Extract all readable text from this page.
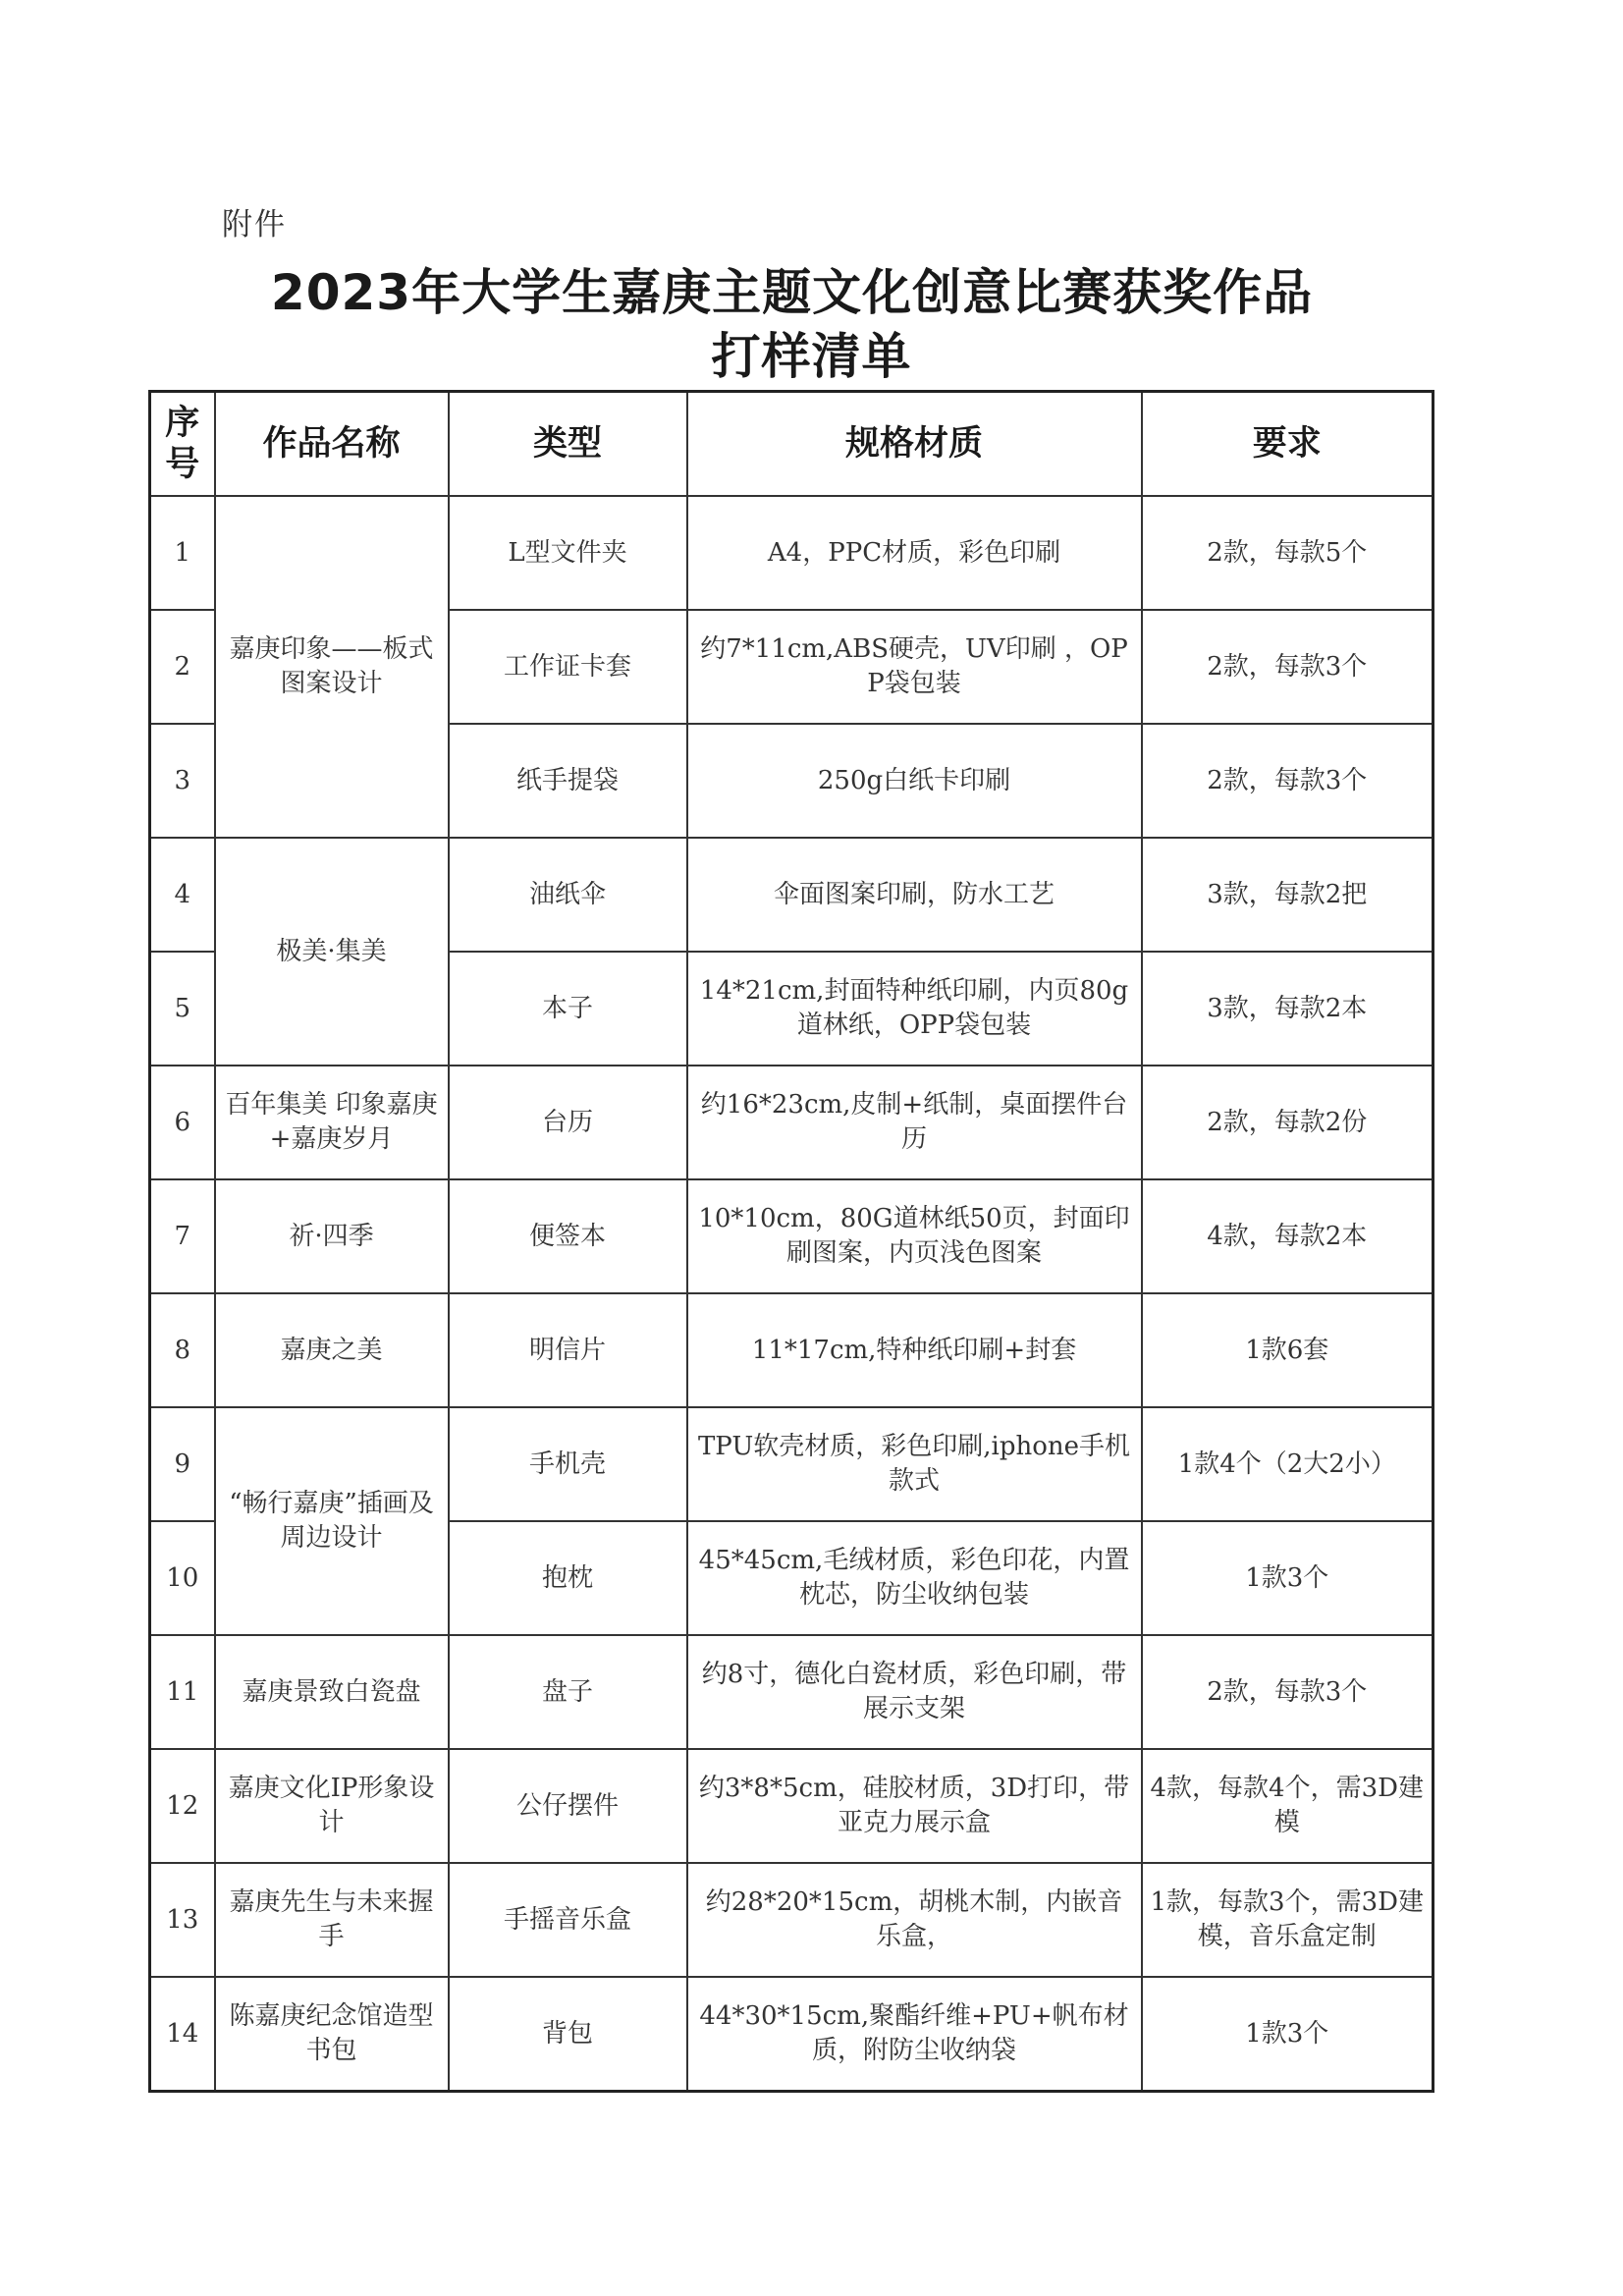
附件
2023年大学生嘉庚主题文化创意比赛获奖作品
打样清单
序号	作品名称	类型	规格材质	要求
1	嘉庚印象——板式图案设计	L型文件夹	A4，PPC材质，彩色印刷	2款，每款5个
2		工作证卡套	约7*11cm,ABS硬壳，UV印刷 ，OPP袋包装	2款，每款3个
3		纸手提袋	250g白纸卡印刷	2款，每款3个
4	极美·集美	油纸伞	伞面图案印刷，防水工艺	3款，每款2把
5		本子	14*21cm,封面特种纸印刷，内页80g道林纸，OPP袋包装	3款，每款2本
6	百年集美 印象嘉庚+嘉庚岁月	台历	约16*23cm,皮制+纸制，桌面摆件台历	2款，每款2份
7	祈·四季	便签本	10*10cm，80G道林纸50页，封面印刷图案，内页浅色图案	4款，每款2本
8	嘉庚之美	明信片	11*17cm,特种纸印刷+封套	1款6套
9	“畅行嘉庚”插画及周边设计	手机壳	TPU软壳材质，彩色印刷,iphone手机款式	1款4个（2大2小）
10		抱枕	45*45cm,毛绒材质，彩色印花，内置枕芯，防尘收纳包装	1款3个
11	嘉庚景致白瓷盘	盘子	约8寸，德化白瓷材质，彩色印刷，带展示支架	2款，每款3个
12	嘉庚文化IP形象设计	公仔摆件	约3*8*5cm，硅胶材质，3D打印，带亚克力展示盒	4款，每款4个，需3D建模
13	嘉庚先生与未来握手	手摇音乐盒	约28*20*15cm，胡桃木制，内嵌音乐盒，	1款，每款3个，需3D建模，音乐盒定制
14	陈嘉庚纪念馆造型书包	背包	44*30*15cm,聚酯纤维+PU+帆布材质，附防尘收纳袋	1款3个
